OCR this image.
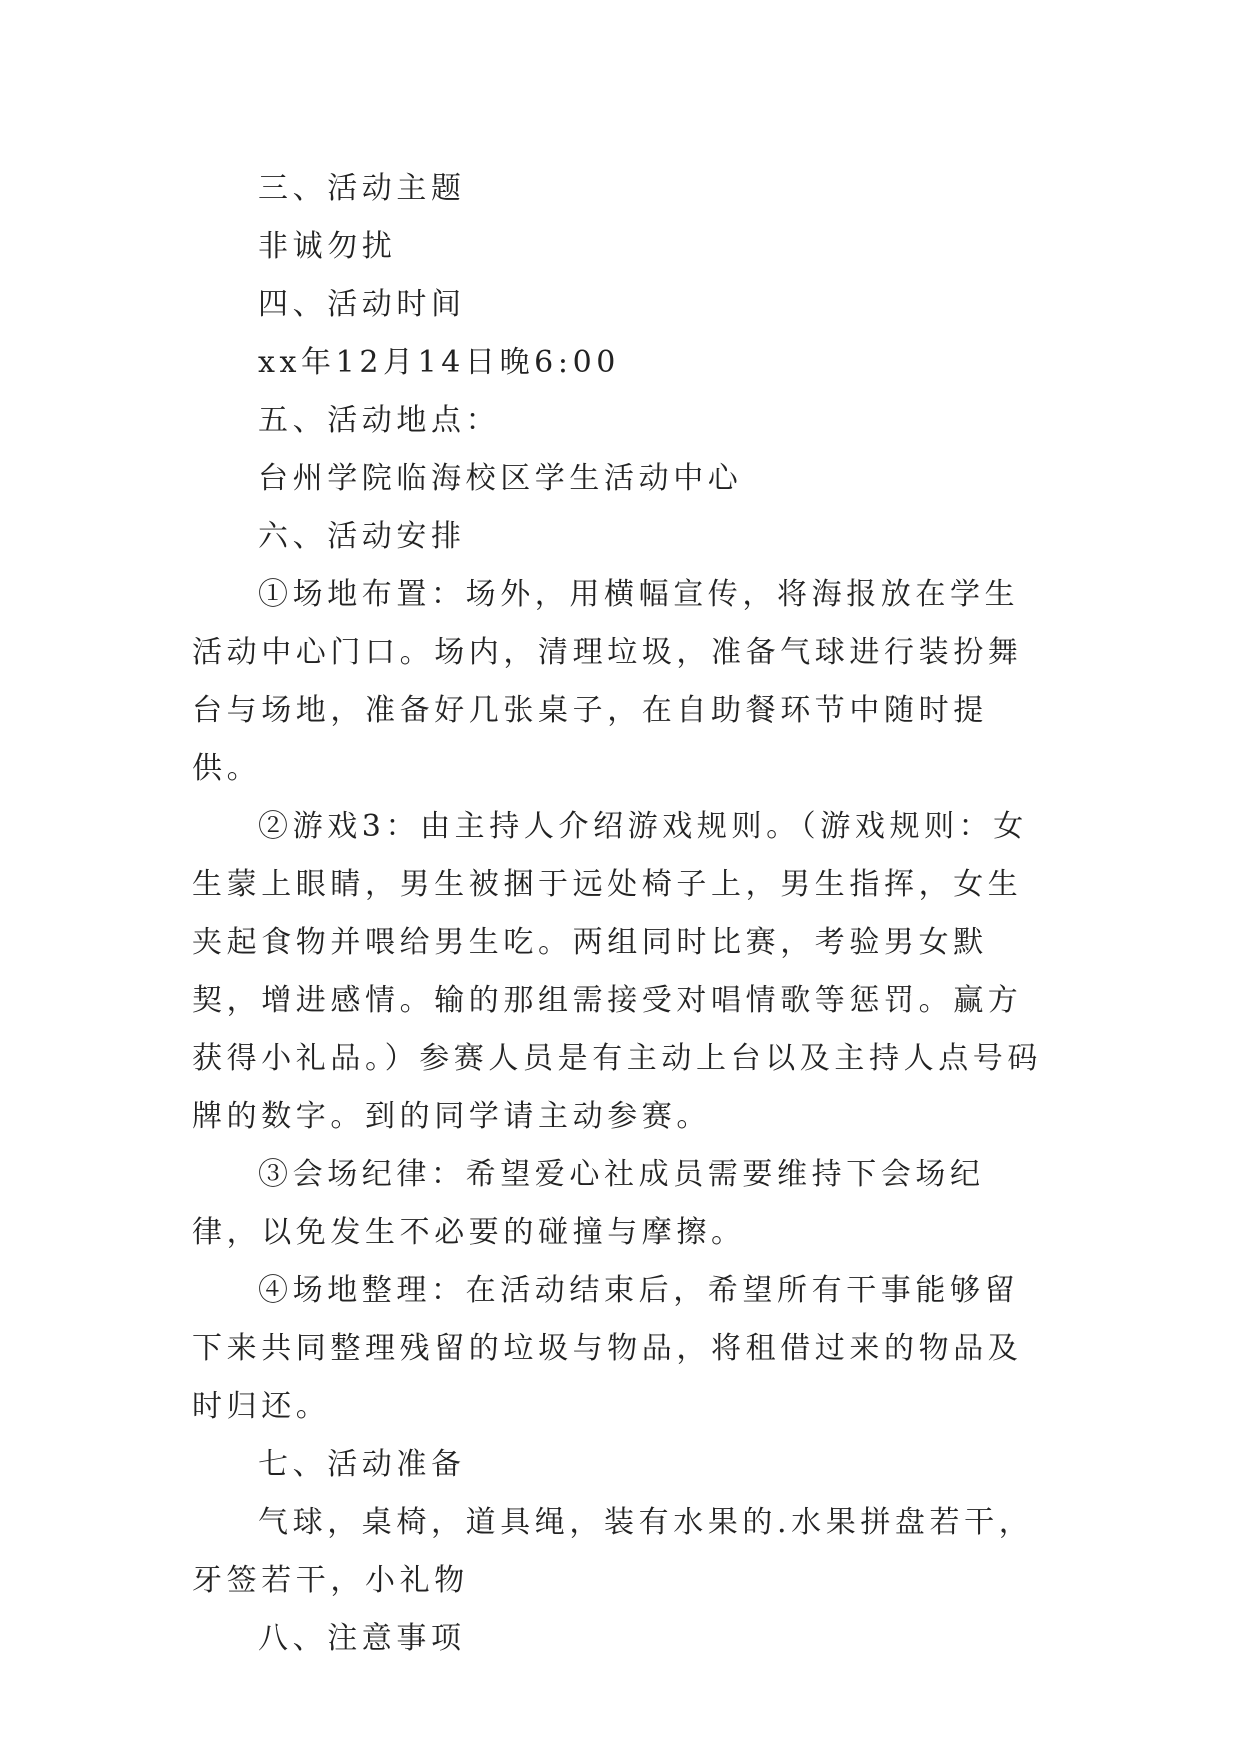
三、活动主题

非诚勿扰

四、活动时间

xx年12月14日晚6:00

五、活动地点：

台州学院临海校区学生活动中心

六、活动安排

①场地布置：场外，用横幅宣传，将海报放在学生活动中心门口。场内，清理垃圾，准备气球进行装扮舞台与场地，准备好几张桌子，在自助餐环节中随时提供。

②游戏3：由主持人介绍游戏规则。（游戏规则：女生蒙上眼睛，男生被捆于远处椅子上，男生指挥，女生夹起食物并喂给男生吃。两组同时比赛，考验男女默契，增进感情。输的那组需接受对唱情歌等惩罚。赢方获得小礼品。）参赛人员是有主动上台以及主持人点号码牌的数字。到的同学请主动参赛。

③会场纪律：希望爱心社成员需要维持下会场纪律，以免发生不必要的碰撞与摩擦。

④场地整理：在活动结束后，希望所有干事能够留下来共同整理残留的垃圾与物品，将租借过来的物品及时归还。

七、活动准备

气球，桌椅，道具绳，装有水果的.水果拼盘若干，牙签若干，小礼物

八、注意事项
